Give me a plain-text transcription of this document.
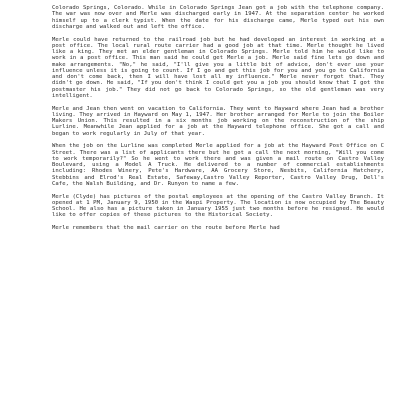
Colorado Springs, Colorado. While in Colorado Springs Jean got a job with the telephone company. The war was now over and Merle was discharged early in 1947. At the separation center he worked himself up to a clerk typist. When the date for his discharge came, Merle typed out his own discharge and walked out and left the office.

Merle could have returned to the railroad job but he had developed an interest in working at a post office. The local rural route carrier had a good job at that time. Merle thought he lived like a king. They met an elder gentleman in Colorado Springs. Merle told him he would like to work in a post office. This man said he could get Merle a job. Merle said fine lets go down and make arrangements. "No," he said, "I'll give you a little bit of advice, don't ever use your influence unless it is going to count. If I go and get this job for you and you go to California and don't come back, then I will have lost all my influence." Merle never forgot that. They didn't go down. He said, "If you don't think I could get you a job you should know that I got the postmaster his job." They did not go back to Colorado Springs, so the old gentleman was very intelligent.

Merle and Jean then went on vacation to California. They went to Hayward where Jean had a brother living. They arrived in Hayward on May 1, 1947. Her brother arranged for Merle to join the Boiler Makers Union. This resulted in a six months job working on the reconstruction of the ship Lurline. Meanwhile Jean applied for a job at the Hayward telephone office. She got a call and began to work regularly in July of that year.

When the job on the Lurline was completed Merle applied for a job at the Hayward Post Office on C Street. There was a list of applicants there but he got a call the next morning, "Will you come to work temporarily?" So he went to work there and was given a mail route on Castro Valley Boulevard, using a Model A Truck. He delivered to a number of commercial establishments including: Rhodes Winery, Pete's Hardware, AA Grocery Store, Nesbits, California Hatchery, Stebbins and Elrod's Real Estate, Safeway,Castro Valley Reporter, Castro Valley Drug, Dell's Cafe, the Walsh Building, and Dr. Runyon to name a few.

Merle (Clyde) has pictures of the postal employees at the opening of the Castro Valley Branch. It opened at 1 PM, January 9, 1950 in the Waspi Property. The location is now occupied by The Beauty School. He also has a picture taken in January 1955 just two months before he resigned. He would like to offer copies of these pictures to the Historical Society.

Merle remembers that the mail carrier on the route before Merle had
